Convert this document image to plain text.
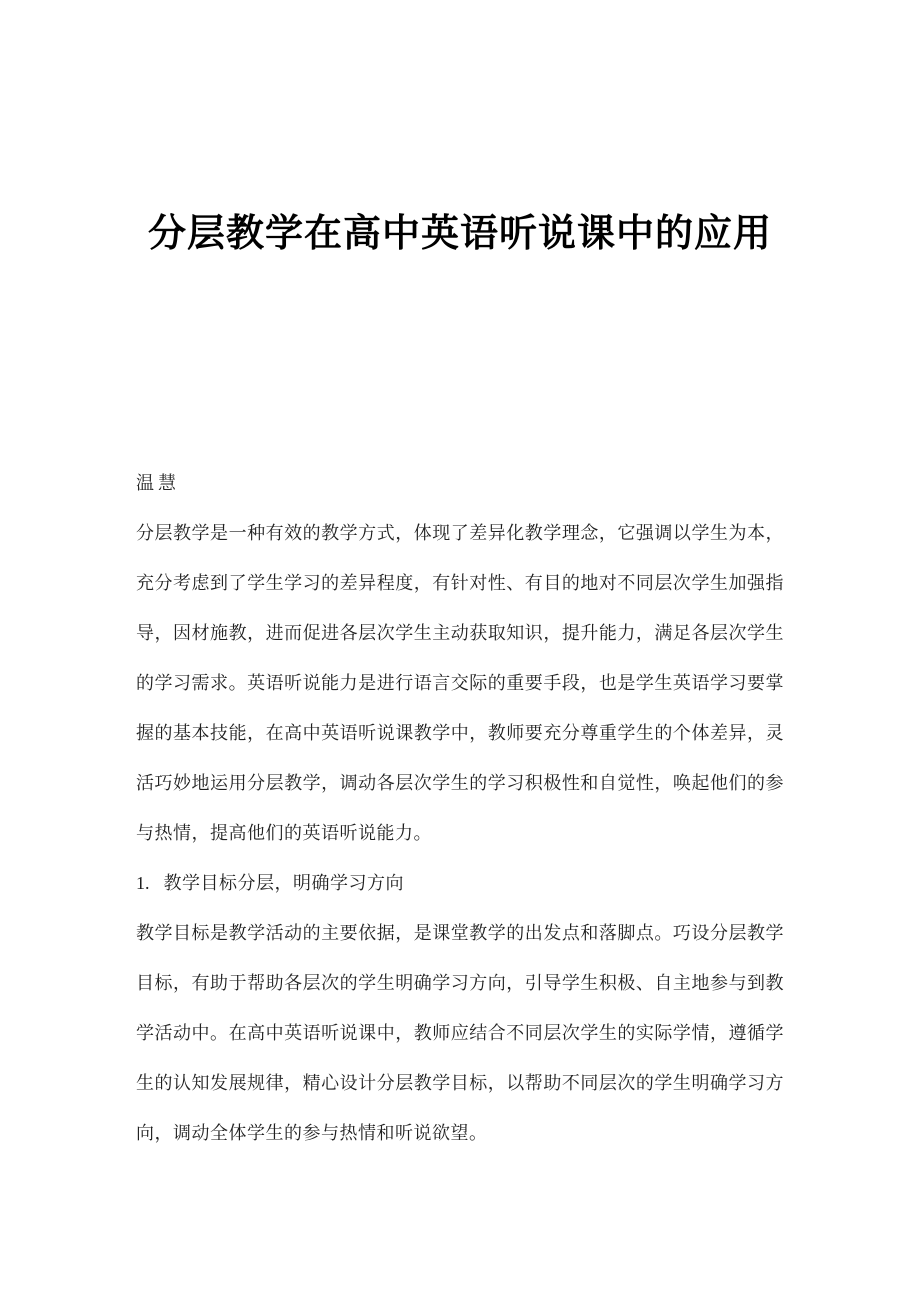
分层教学在高中英语听说课中的应用

温慧

分层教学是一种有效的教学方式，体现了差异化教学理念，它强调以学生为本，充分考虑到了学生学习的差异程度，有针对性、有目的地对不同层次学生加强指导，因材施教，进而促进各层次学生主动获取知识，提升能力，满足各层次学生的学习需求。英语听说能力是进行语言交际的重要手段，也是学生英语学习要掌握的基本技能，在高中英语听说课教学中，教师要充分尊重学生的个体差异，灵活巧妙地运用分层教学，调动各层次学生的学习积极性和自觉性，唤起他们的参与热情，提高他们的英语听说能力。

1. 教学目标分层，明确学习方向

教学目标是教学活动的主要依据，是课堂教学的出发点和落脚点。巧设分层教学目标，有助于帮助各层次的学生明确学习方向，引导学生积极、自主地参与到教学活动中。在高中英语听说课中，教师应结合不同层次学生的实际学情，遵循学生的认知发展规律，精心设计分层教学目标，以帮助不同层次的学生明确学习方向，调动全体学生的参与热情和听说欲望。
